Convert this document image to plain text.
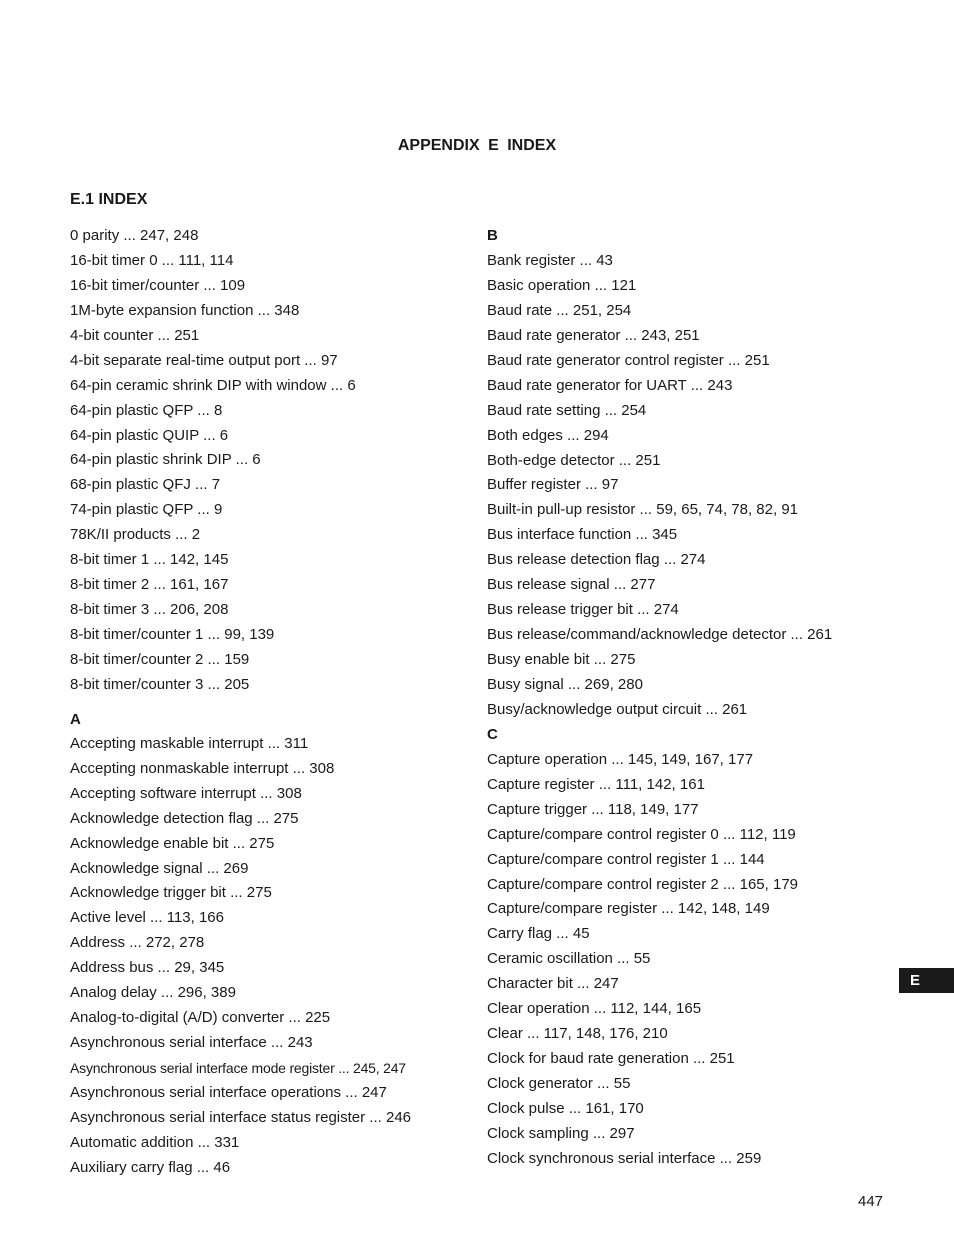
APPENDIX E INDEX
E.1 INDEX
0 parity ... 247, 248
16-bit timer 0 ... 111, 114
16-bit timer/counter ... 109
1M-byte expansion function ... 348
4-bit counter ... 251
4-bit separate real-time output port ... 97
64-pin ceramic shrink DIP with window ... 6
64-pin plastic QFP ... 8
64-pin plastic QUIP ... 6
64-pin plastic shrink DIP ... 6
68-pin plastic QFJ ... 7
74-pin plastic QFP ... 9
78K/II products ... 2
8-bit timer 1 ... 142, 145
8-bit timer 2 ... 161, 167
8-bit timer 3 ... 206, 208
8-bit timer/counter 1 ... 99, 139
8-bit timer/counter 2 ... 159
8-bit timer/counter 3 ... 205
A
Accepting maskable interrupt ... 311
Accepting nonmaskable interrupt ... 308
Accepting software interrupt ... 308
Acknowledge detection flag ... 275
Acknowledge enable bit ... 275
Acknowledge signal ... 269
Acknowledge trigger bit ... 275
Active level ... 113, 166
Address ... 272, 278
Address bus ... 29, 345
Analog delay ... 296, 389
Analog-to-digital (A/D) converter ... 225
Asynchronous serial interface ... 243
Asynchronous serial interface mode register ... 245, 247
Asynchronous serial interface operations ... 247
Asynchronous serial interface status register ... 246
Automatic addition ... 331
Auxiliary carry flag ... 46
B
Bank register ... 43
Basic operation ... 121
Baud rate ... 251, 254
Baud rate generator ... 243, 251
Baud rate generator control register ... 251
Baud rate generator for UART ... 243
Baud rate setting ... 254
Both edges ... 294
Both-edge detector ... 251
Buffer register ... 97
Built-in pull-up resistor ... 59, 65, 74, 78, 82, 91
Bus interface function ... 345
Bus release detection flag ... 274
Bus release signal ... 277
Bus release trigger bit ... 274
Bus release/command/acknowledge detector ... 261
Busy enable bit ... 275
Busy signal ... 269, 280
Busy/acknowledge output circuit ... 261
C
Capture operation ... 145, 149, 167, 177
Capture register ... 111, 142, 161
Capture trigger ... 118, 149, 177
Capture/compare control register 0 ... 112, 119
Capture/compare control register 1 ... 144
Capture/compare control register 2 ... 165, 179
Capture/compare register ... 142, 148, 149
Carry flag ... 45
Ceramic oscillation ... 55
Character bit ... 247
Clear operation ... 112, 144, 165
Clear ... 117, 148, 176, 210
Clock for baud rate generation ... 251
Clock generator ... 55
Clock pulse ... 161, 170
Clock sampling ... 297
Clock synchronous serial interface ... 259
E
447
